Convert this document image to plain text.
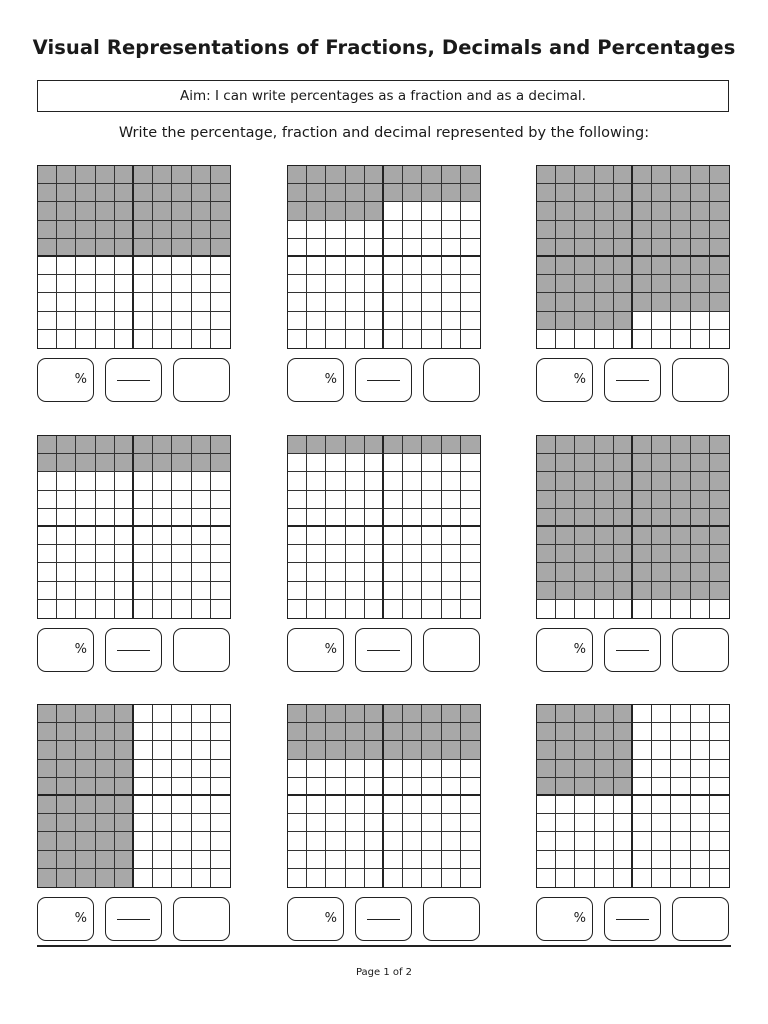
Visual Representations of Fractions, Decimals and Percentages
Aim: I can write percentages as a fraction and as a decimal.
Write the percentage, fraction and decimal represented by the following:
%	%	%
%	%	%
%	%	%
Page 1 of 2
